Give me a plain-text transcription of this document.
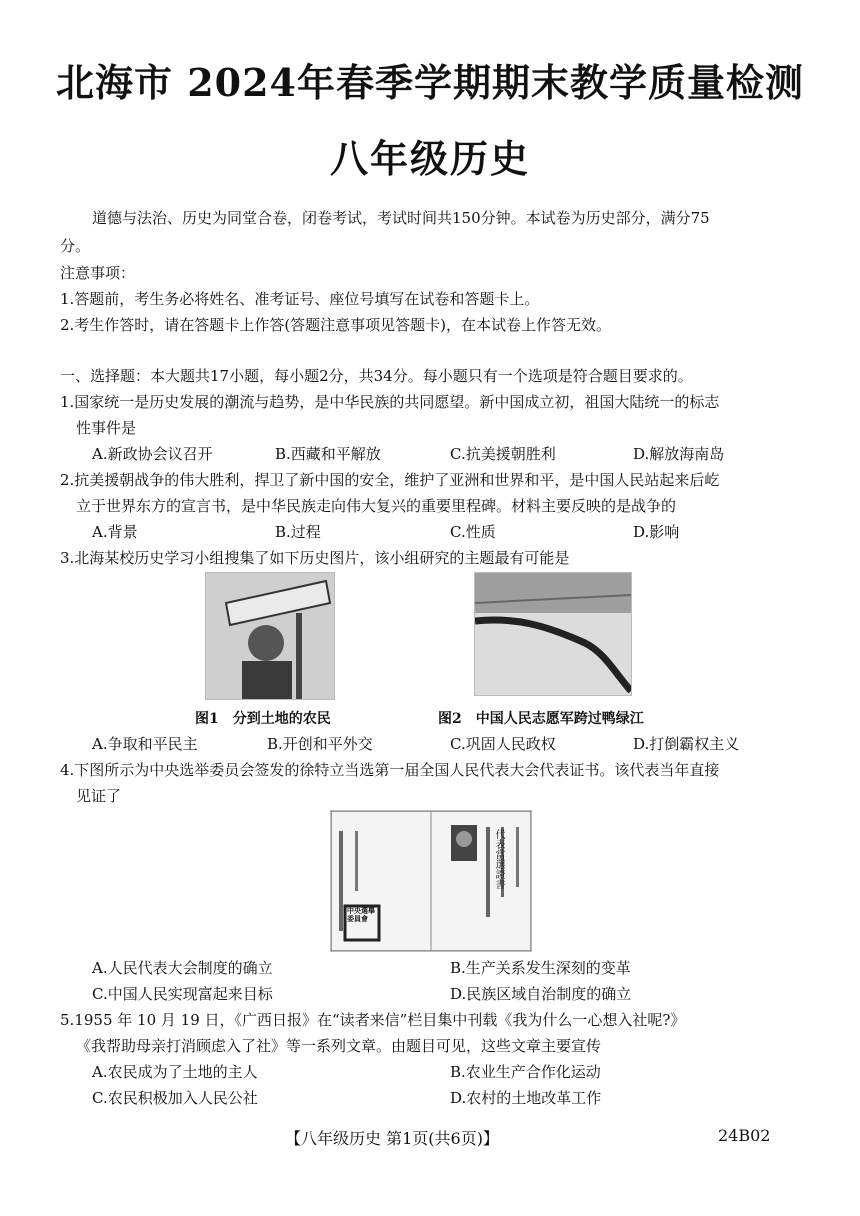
北海市 2024年春季学期期末教学质量检测
八年级历史
道德与法治、历史为同堂合卷，闭卷考试，考试时间共150分钟。本试卷为历史部分，满分75
分。
注意事项：
1.答题前，考生务必将姓名、准考证号、座位号填写在试卷和答题卡上。
2.考生作答时，请在答题卡上作答(答题注意事项见答题卡)，在本试卷上作答无效。
一、选择题：本大题共17小题，每小题2分，共34分。每小题只有一个选项是符合题目要求的。
1.国家统一是历史发展的潮流与趋势，是中华民族的共同愿望。新中国成立初，祖国大陆统一的标志
性事件是
A.新政协会议召开	B.西藏和平解放	C.抗美援朝胜利	D.解放海南岛
2.抗美援朝战争的伟大胜利，捍卫了新中国的安全，维护了亚洲和世界和平，是中国人民站起来后屹
立于世界东方的宣言书，是中华民族走向伟大复兴的重要里程碑。材料主要反映的是战争的
A.背景	B.过程	C.性质	D.影响
3.北海某校历史学习小组搜集了如下历史图片，该小组研究的主题最有可能是
图1　分到土地的农民	图2　中国人民志愿军跨过鸭绿江
A.争取和平民主	B.开创和平外交	C.巩固人民政权	D.打倒霸权主义
4.下图所示为中央选举委员会签发的徐特立当选第一届全国人民代表大会代表证书。该代表当年直接
见证了
代表當選證書
中央選舉委員會
A.人民代表大会制度的确立	B.生产关系发生深刻的变革
C.中国人民实现富起来目标	D.民族区域自治制度的确立
5.1955 年 10 月 19 日，《广西日报》在“读者来信”栏目集中刊载《我为什么一心想入社呢?》
《我帮助母亲打消顾虑入了社》等一系列文章。由题目可见，这些文章主要宣传
A.农民成为了土地的主人	B.农业生产合作化运动
C.农民积极加入人民公社	D.农村的土地改革工作
【八年级历史 第1页(共6页)】	24B02
